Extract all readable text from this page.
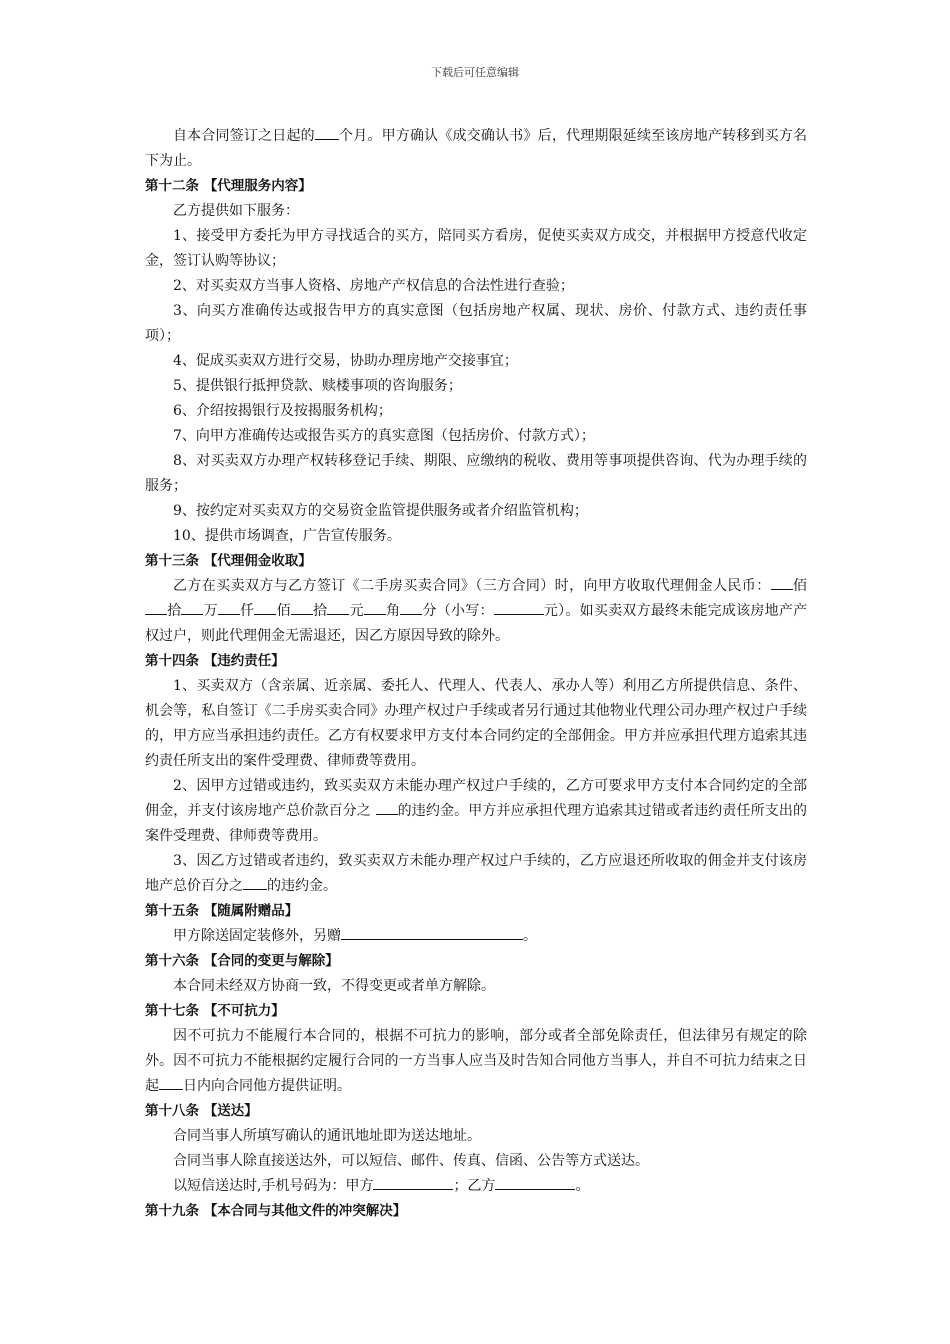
下载后可任意编辑

自本合同签订之日起的 个月。甲方确认《成交确认书》后，代理期限延续至该房地产转移到买方名下为止。

第十二条 【代理服务内容】

乙方提供如下服务：

1、接受甲方委托为甲方寻找适合的买方，陪同买方看房，促使买卖双方成交，并根据甲方授意代收定金，签订认购等协议；

2、对买卖双方当事人资格、房地产产权信息的合法性进行查验；

3、向买方准确传达或报告甲方的真实意图（包括房地产权属、现状、房价、付款方式、违约责任事项）；

4、促成买卖双方进行交易，协助办理房地产交接事宜；

5、提供银行抵押贷款、赎楼事项的咨询服务；

6、介绍按揭银行及按揭服务机构；

7、向甲方准确传达或报告买方的真实意图（包括房价、付款方式）；

8、对买卖双方办理产权转移登记手续、期限、应缴纳的税收、费用等事项提供咨询、代为办理手续的服务；

9、按约定对买卖双方的交易资金监管提供服务或者介绍监管机构；

10、提供市场调查，广告宣传服务。

第十三条 【代理佣金收取】

乙方在买卖双方与乙方签订《二手房买卖合同》（三方合同）时，向甲方收取代理佣金人民币： 佰拾 万 仟 佰 拾 元 角 分（小写：	元）。如买卖双方最终未能完成该房地产产权过户，则此代理佣金无需退还，因乙方原因导致的除外。

第十四条 【违约责任】

1、买卖双方（含亲属、近亲属、委托人、代理人、代表人、承办人等）利用乙方所提供信息、条件、机会等，私自签订《二手房买卖合同》办理产权过户手续或者另行通过其他物业代理公司办理产权过户手续的，甲方应当承担违约责任。乙方有权要求甲方支付本合同约定的全部佣金。甲方并应承担代理方追索其违约责任所支出的案件受理费、律师费等费用。

2、因甲方过错或违约，致买卖双方未能办理产权过户手续的，乙方可要求甲方支付本合同约定的全部佣金，并支付该房地产总价款百分之 的违约金。甲方并应承担代理方追索其过错或者违约责任所支出的案件受理费、律师费等费用。

3、因乙方过错或者违约，致买卖双方未能办理产权过户手续的，乙方应退还所收取的佣金并支付该房地产总价百分之 的违约金。

第十五条 【随属附赠品】

甲方除送固定装修外，另赠	。

第十六条 【合同的变更与解除】

本合同未经双方协商一致，不得变更或者单方解除。

第十七条 【不可抗力】

因不可抗力不能履行本合同的，根据不可抗力的影响，部分或者全部免除责任，但法律另有规定的除外。因不可抗力不能根据约定履行合同的一方当事人应当及时告知合同他方当事人，并自不可抗力结束之日起 日内向合同他方提供证明。

第十八条 【送达】

合同当事人所填写确认的通讯地址即为送达地址。

合同当事人除直接送达外，可以短信、邮件、传真、信函、公告等方式送达。

以短信送达时,手机号码为：甲方	；乙方	。

第十九条 【本合同与其他文件的冲突解决】
